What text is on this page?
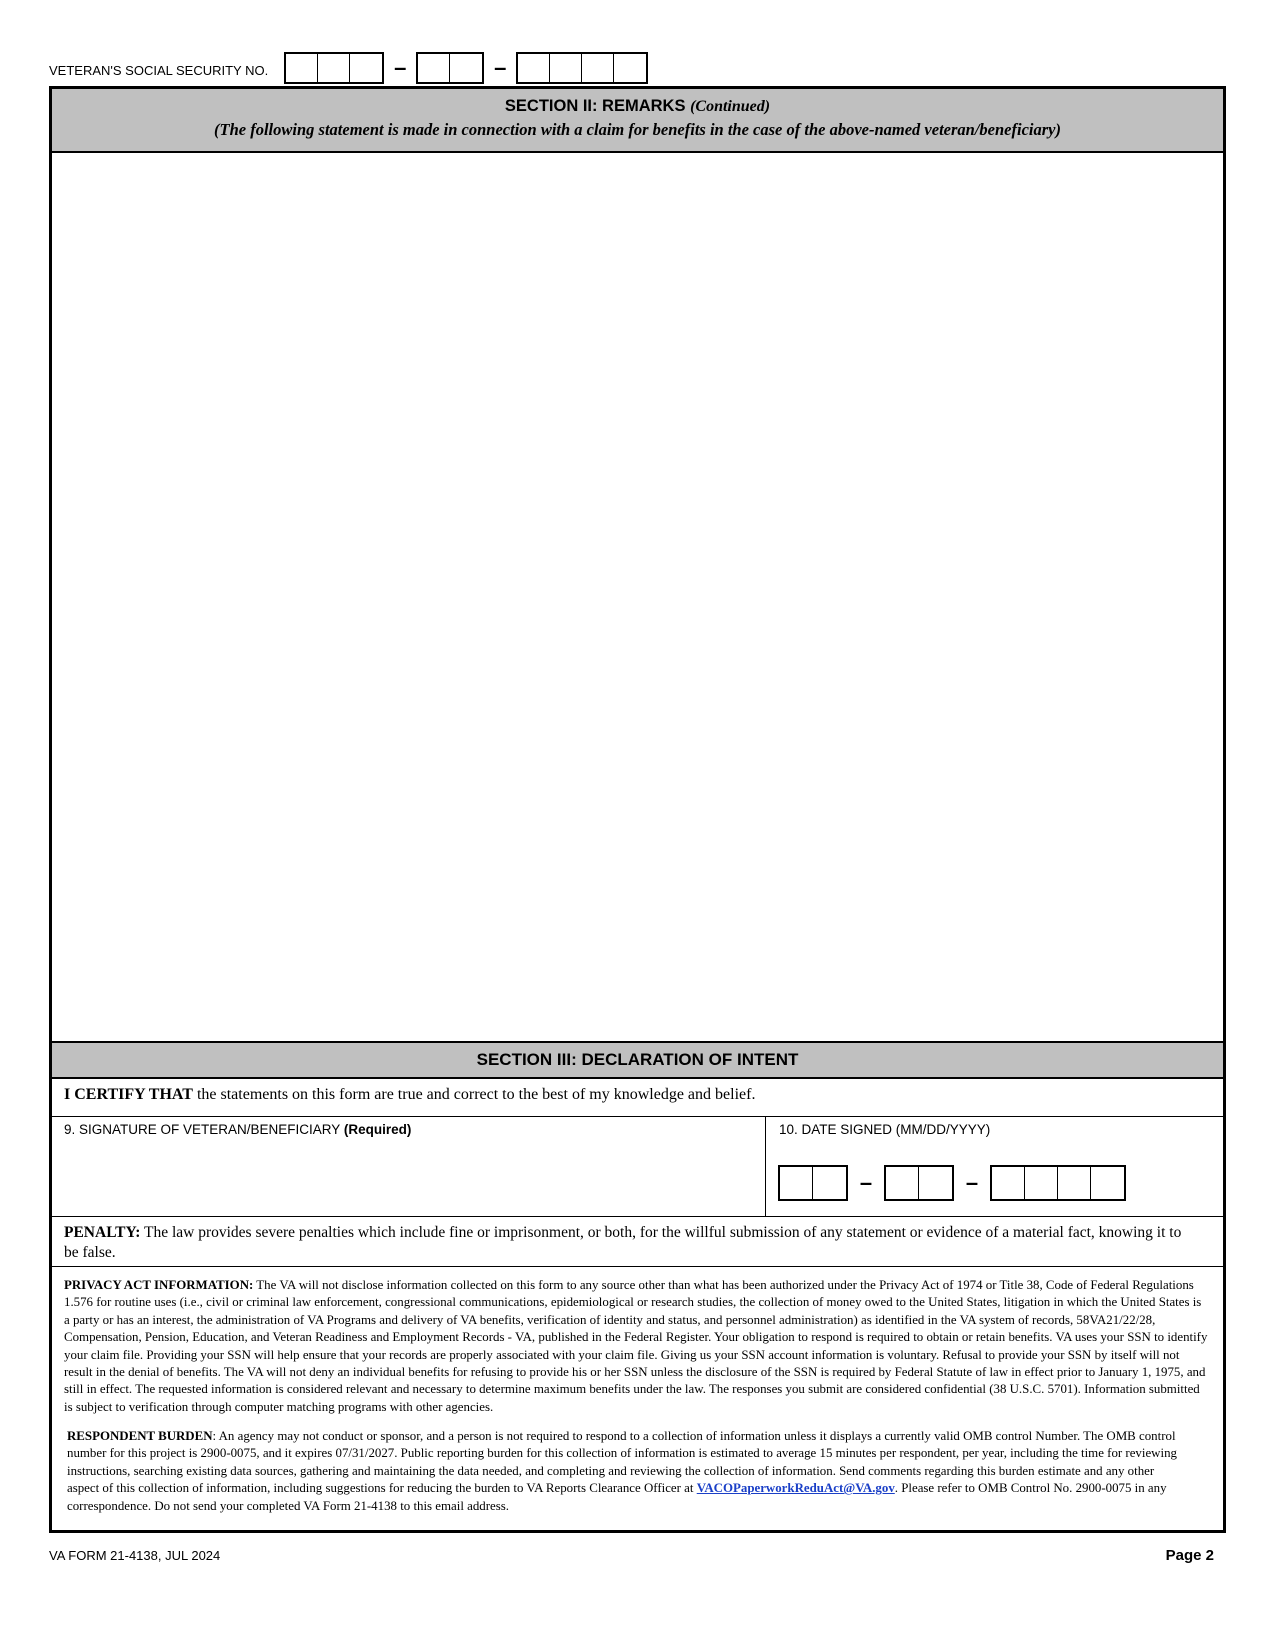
VETERAN'S SOCIAL SECURITY NO.	–	–
SECTION II: REMARKS (Continued)
(The following statement is made in connection with a claim for benefits in the case of the above-named veteran/beneficiary)
SECTION III: DECLARATION OF INTENT
I CERTIFY THAT the statements on this form are true and correct to the best of my knowledge and belief.
9. SIGNATURE OF VETERAN/BENEFICIARY (Required)	10. DATE SIGNED (MM/DD/YYYY)
–	–
PENALTY: The law provides severe penalties which include fine or imprisonment, or both, for the willful submission of any statement or evidence of a material fact, knowing it to be false.
PRIVACY ACT INFORMATION: The VA will not disclose information collected on this form to any source other than what has been authorized under the Privacy Act of 1974 or Title 38, Code of Federal Regulations 1.576 for routine uses (i.e., civil or criminal law enforcement, congressional communications, epidemiological or research studies, the collection of money owed to the United States, litigation in which the United States is a party or has an interest, the administration of VA Programs and delivery of VA benefits, verification of identity and status, and personnel administration) as identified in the VA system of records, 58VA21/22/28, Compensation, Pension, Education, and Veteran Readiness and Employment Records - VA, published in the Federal Register. Your obligation to respond is required to obtain or retain benefits. VA uses your SSN to identify your claim file. Providing your SSN will help ensure that your records are properly associated with your claim file. Giving us your SSN account information is voluntary. Refusal to provide your SSN by itself will not result in the denial of benefits. The VA will not deny an individual benefits for refusing to provide his or her SSN unless the disclosure of the SSN is required by Federal Statute of law in effect prior to January 1, 1975, and still in effect. The requested information is considered relevant and necessary to determine maximum benefits under the law. The responses you submit are considered confidential (38 U.S.C. 5701). Information submitted is subject to verification through computer matching programs with other agencies.
RESPONDENT BURDEN: An agency may not conduct or sponsor, and a person is not required to respond to a collection of information unless it displays a currently valid OMB control Number. The OMB control number for this project is 2900-0075, and it expires 07/31/2027. Public reporting burden for this collection of information is estimated to average 15 minutes per respondent, per year, including the time for reviewing instructions, searching existing data sources, gathering and maintaining the data needed, and completing and reviewing the collection of information. Send comments regarding this burden estimate and any other aspect of this collection of information, including suggestions for reducing the burden to VA Reports Clearance Officer at VACOPaperworkReduAct@VA.gov. Please refer to OMB Control No. 2900-0075 in any correspondence. Do not send your completed VA Form 21-4138 to this email address.
VA FORM 21-4138, JUL 2024	Page 2
